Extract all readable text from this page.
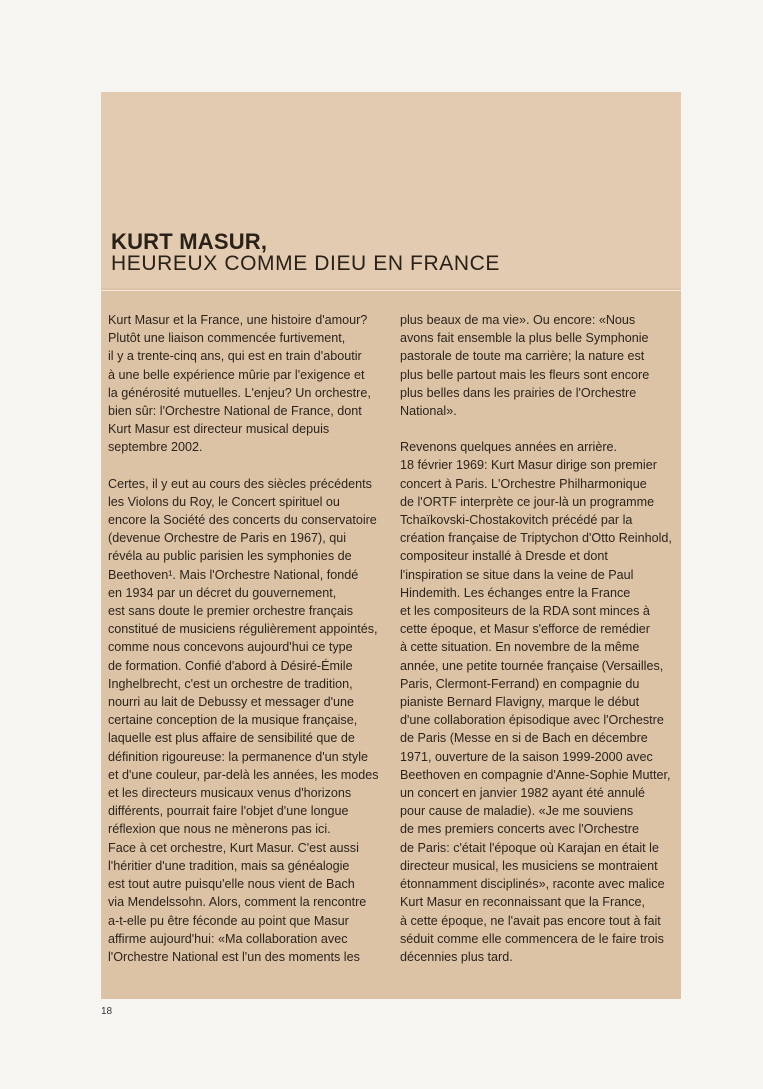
KURT MASUR,
HEUREUX COMME DIEU EN FRANCE
Kurt Masur et la France, une histoire d'amour?
Plutôt une liaison commencée furtivement,
il y a trente-cinq ans, qui est en train d'aboutir
à une belle expérience mûrie par l'exigence et
la générosité mutuelles. L'enjeu? Un orchestre,
bien sûr: l'Orchestre National de France, dont
Kurt Masur est directeur musical depuis
septembre 2002.
Certes, il y eut au cours des siècles précédents
les Violons du Roy, le Concert spirituel ou
encore la Société des concerts du conservatoire
(devenue Orchestre de Paris en 1967), qui
révéla au public parisien les symphonies de
Beethoven¹. Mais l'Orchestre National, fondé
en 1934 par un décret du gouvernement,
est sans doute le premier orchestre français
constitué de musiciens régulièrement appointés,
comme nous concevons aujourd'hui ce type
de formation. Confié d'abord à Désiré-Émile
Inghelbrecht, c'est un orchestre de tradition,
nourri au lait de Debussy et messager d'une
certaine conception de la musique française,
laquelle est plus affaire de sensibilité que de
définition rigoureuse: la permanence d'un style
et d'une couleur, par-delà les années, les modes
et les directeurs musicaux venus d'horizons
différents, pourrait faire l'objet d'une longue
réflexion que nous ne mènerons pas ici.
Face à cet orchestre, Kurt Masur. C'est aussi
l'héritier d'une tradition, mais sa généalogie
est tout autre puisqu'elle nous vient de Bach
via Mendelssohn. Alors, comment la rencontre
a-t-elle pu être féconde au point que Masur
affirme aujourd'hui: «Ma collaboration avec
l'Orchestre National est l'un des moments les
plus beaux de ma vie». Ou encore: «Nous
avons fait ensemble la plus belle Symphonie
pastorale de toute ma carrière; la nature est
plus belle partout mais les fleurs sont encore
plus belles dans les prairies de l'Orchestre
National».
Revenons quelques années en arrière.
18 février 1969: Kurt Masur dirige son premier
concert à Paris. L'Orchestre Philharmonique
de l'ORTF interprète ce jour-là un programme
Tchaïkovski-Chostakovitch précédé par la
création française de Triptychon d'Otto Reinhold,
compositeur installé à Dresde et dont
l'inspiration se situe dans la veine de Paul
Hindemith. Les échanges entre la France
et les compositeurs de la RDA sont minces à
cette époque, et Masur s'efforce de remédier
à cette situation. En novembre de la même
année, une petite tournée française (Versailles,
Paris, Clermont-Ferrand) en compagnie du
pianiste Bernard Flavigny, marque le début
d'une collaboration épisodique avec l'Orchestre
de Paris (Messe en si de Bach en décembre
1971, ouverture de la saison 1999-2000 avec
Beethoven en compagnie d'Anne-Sophie Mutter,
un concert en janvier 1982 ayant été annulé
pour cause de maladie). «Je me souviens
de mes premiers concerts avec l'Orchestre
de Paris: c'était l'époque où Karajan en était le
directeur musical, les musiciens se montraient
étonnamment disciplinés», raconte avec malice
Kurt Masur en reconnaissant que la France,
à cette époque, ne l'avait pas encore tout à fait
séduit comme elle commencera de le faire trois
décennies plus tard.

18
